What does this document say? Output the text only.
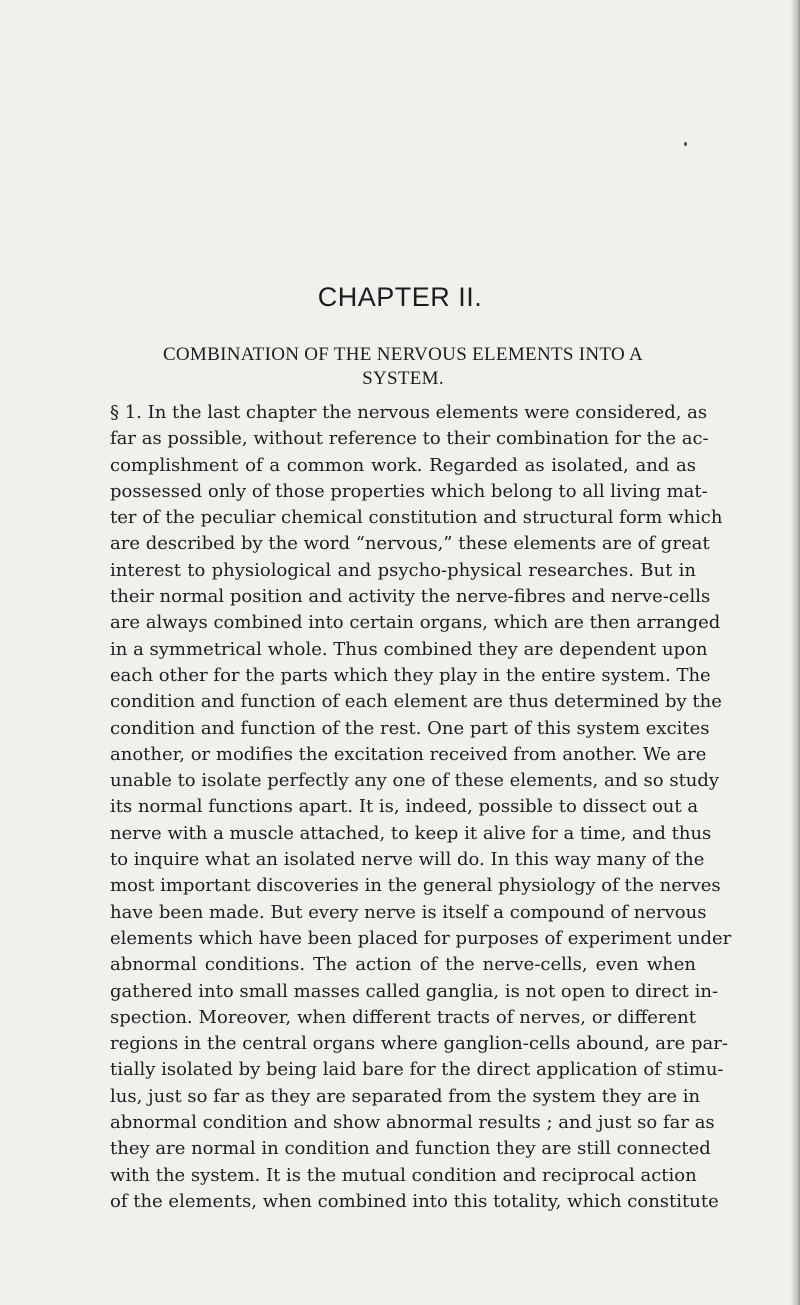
CHAPTER II.
COMBINATION OF THE NERVOUS ELEMENTS INTO A
SYSTEM.
§ 1. In the last chapter the nervous elements were considered, as
far as possible, without reference to their combination for the ac-
complishment of a common work. Regarded as isolated, and as
possessed only of those properties which belong to all living mat-
ter of the peculiar chemical constitution and structural form which
are described by the word “nervous,” these elements are of great
interest to physiological and psycho-physical researches. But in
their normal position and activity the nerve-fibres and nerve-cells
are always combined into certain organs, which are then arranged
in a symmetrical whole. Thus combined they are dependent upon
each other for the parts which they play in the entire system. The
condition and function of each element are thus determined by the
condition and function of the rest. One part of this system excites
another, or modifies the excitation received from another. We are
unable to isolate perfectly any one of these elements, and so study
its normal functions apart. It is, indeed, possible to dissect out a
nerve with a muscle attached, to keep it alive for a time, and thus
to inquire what an isolated nerve will do. In this way many of the
most important discoveries in the general physiology of the nerves
have been made. But every nerve is itself a compound of nervous
elements which have been placed for purposes of experiment under
abnormal conditions. The action of the nerve-cells, even when
gathered into small masses called ganglia, is not open to direct in-
spection. Moreover, when different tracts of nerves, or different
regions in the central organs where ganglion-cells abound, are par-
tially isolated by being laid bare for the direct application of stimu-
lus, just so far as they are separated from the system they are in
abnormal condition and show abnormal results ; and just so far as
they are normal in condition and function they are still connected
with the system. It is the mutual condition and reciprocal action
of the elements, when combined into this totality, which constitute
